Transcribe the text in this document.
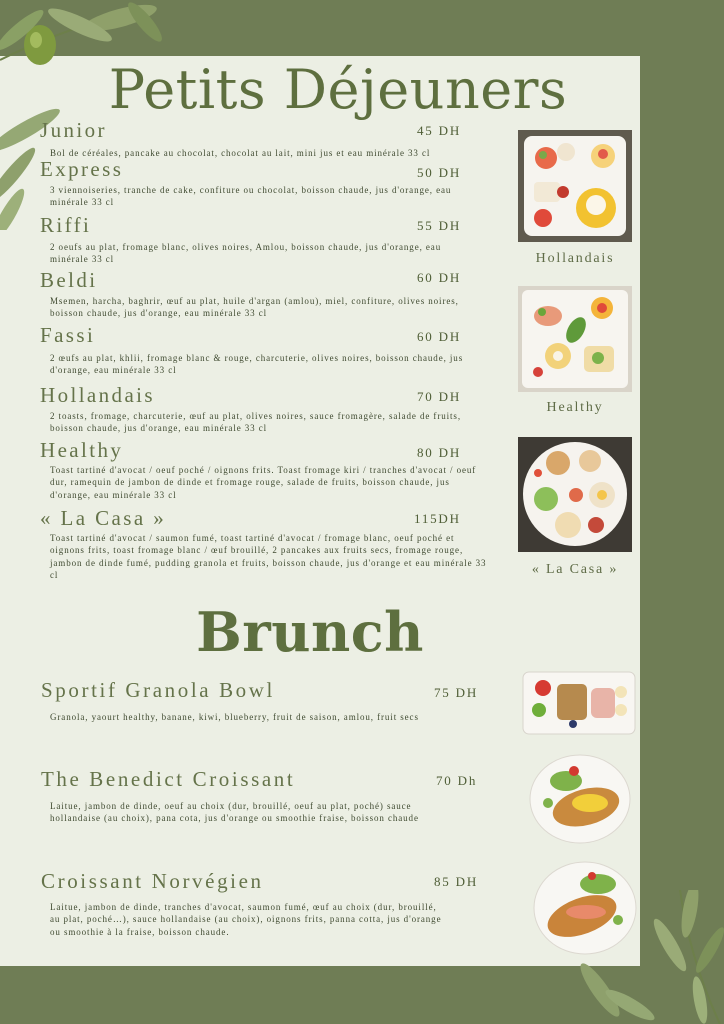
Petits Déjeuners
Junior	45 DH
Bol de céréales, pancake au chocolat, chocolat au lait, mini jus et eau minérale 33 cl
Express	50 DH
3 viennoiseries, tranche de cake, confiture ou chocolat, boisson chaude, jus d'orange, eau minérale 33 cl
Riffi	55 DH
2 oeufs au plat, fromage blanc, olives noires, Amlou, boisson chaude, jus d'orange, eau minérale 33 cl
Beldi	60 DH
Msemen, harcha, baghrir, œuf au plat, huile d'argan (amlou), miel, confiture, olives noires, boisson chaude, jus d'orange, eau minérale 33 cl
Fassi	60 DH
2 œufs au plat, khlii, fromage blanc & rouge, charcuterie, olives noires, boisson chaude, jus d'orange, eau minérale 33 cl
Hollandais	70 DH
2 toasts, fromage, charcuterie, œuf au plat, olives noires, sauce fromagère, salade de fruits, boisson chaude, jus d'orange, eau minérale 33 cl
Healthy	80 DH
Toast tartiné d'avocat / oeuf poché / oignons frits. Toast fromage kiri / tranches d'avocat / oeuf dur, ramequin de jambon de dinde et fromage rouge, salade de fruits, boisson chaude, jus d'orange, eau minérale 33 cl
« La Casa »	115DH
Toast tartiné d'avocat / saumon fumé, toast tartiné d'avocat / fromage blanc, oeuf poché et oignons frits, toast fromage blanc / œuf brouillé, 2 pancakes aux fruits secs, fromage rouge, jambon de dinde fumé, pudding granola et fruits, boisson chaude, jus d'orange et eau minérale 33 cl
Hollandais
Healthy
« La Casa »
Brunch
Sportif Granola Bowl	75 DH
Granola, yaourt healthy, banane, kiwi, blueberry, fruit de saison, amlou, fruit secs
The Benedict Croissant	70 Dh
Laitue, jambon de dinde, oeuf au choix (dur, brouillé, oeuf au plat, poché) sauce hollandaise (au choix), pana cota, jus d'orange ou smoothie fraise, boisson chaude
Croissant Norvégien	85 DH
Laitue, jambon de dinde, tranches d'avocat, saumon fumé, œuf au choix (dur, brouillé, au plat, poché…), sauce hollandaise (au choix), oignons frits, panna cotta, jus d'orange ou smoothie à la fraise, boisson chaude.
